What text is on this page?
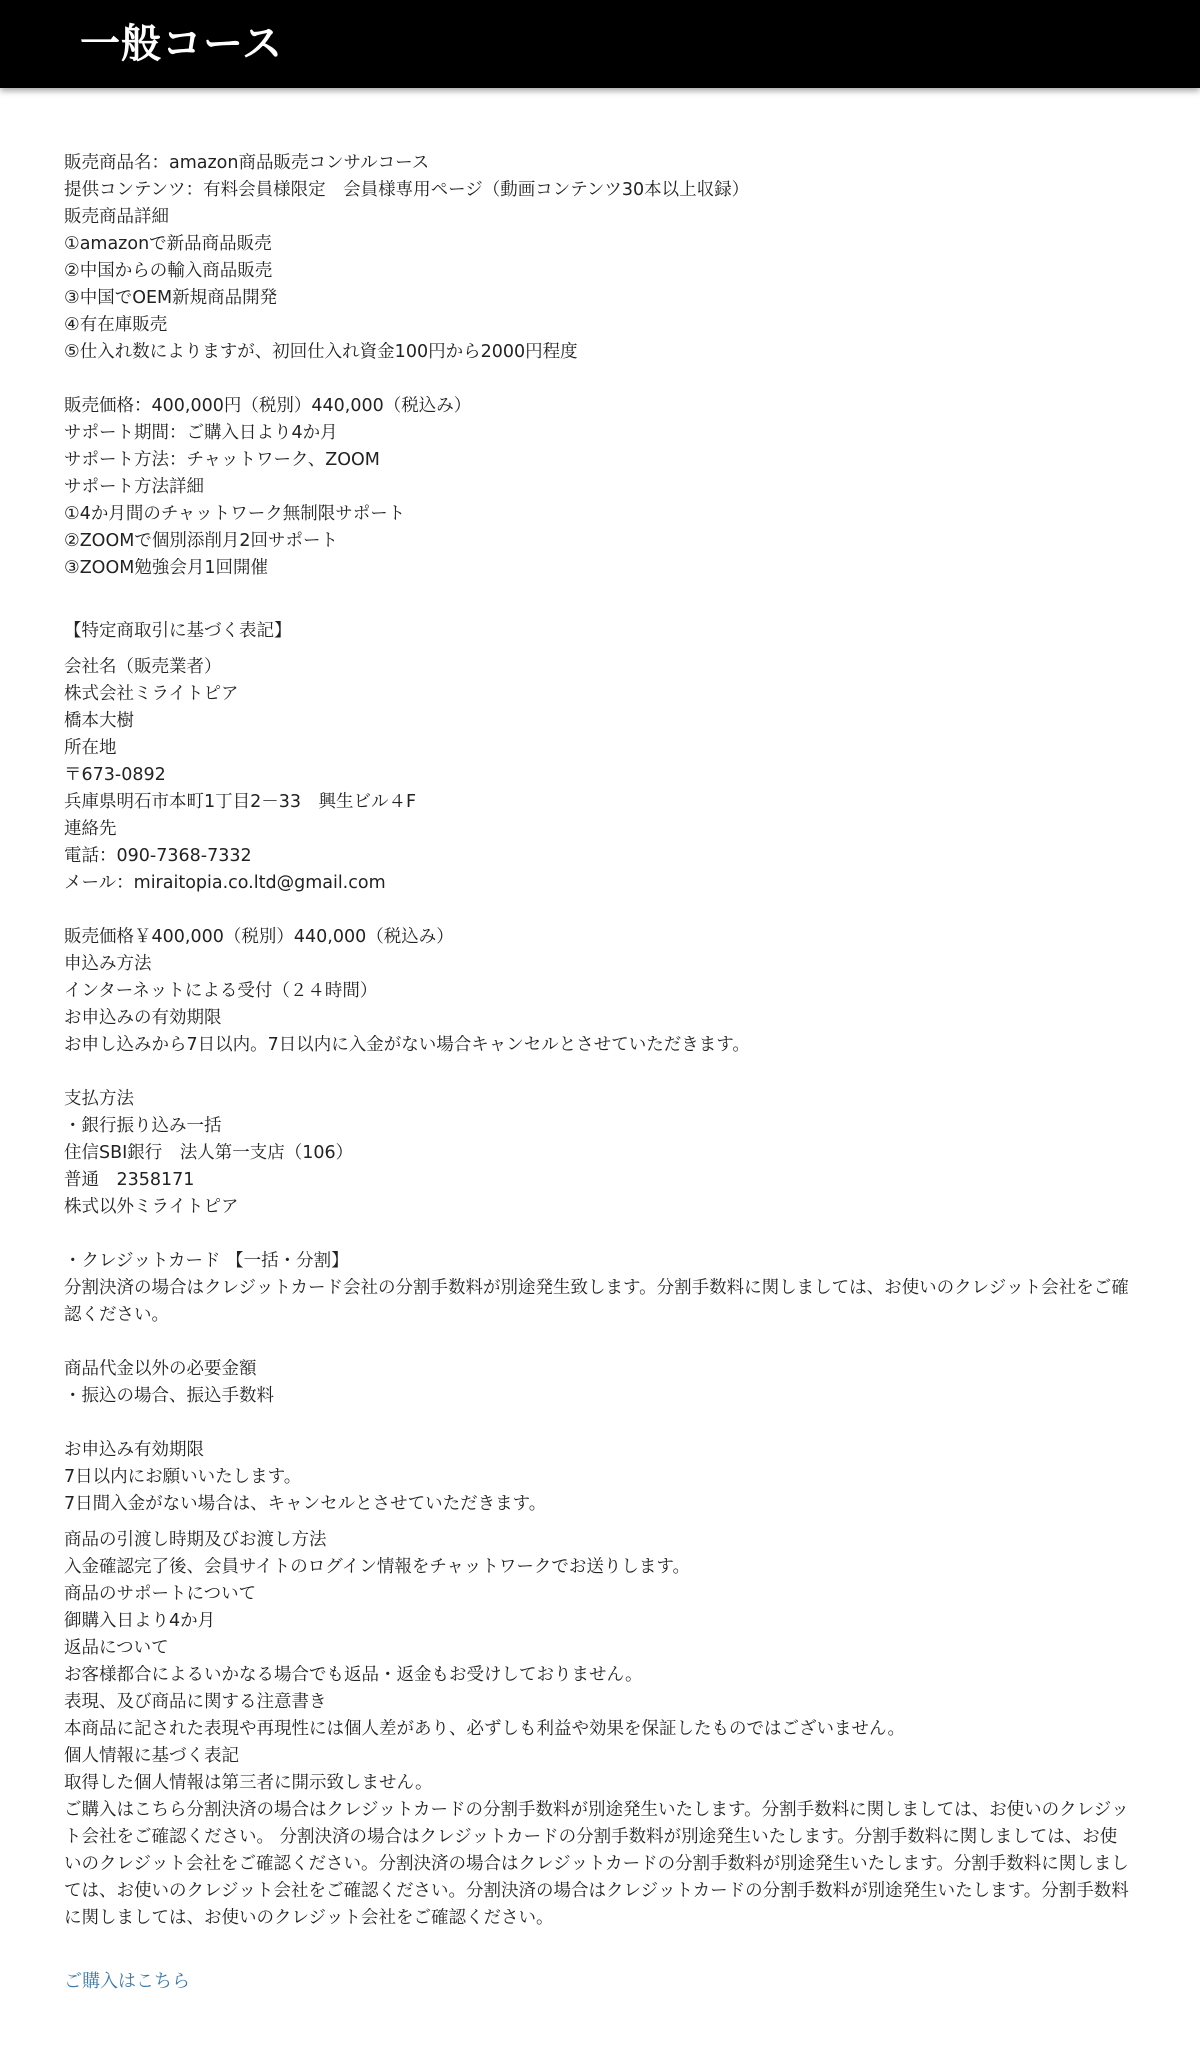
一般コース
販売商品名：amazon商品販売コンサルコース
提供コンテンツ：有料会員様限定　会員様専用ページ（動画コンテンツ30本以上収録）
販売商品詳細
①amazonで新品商品販売
②中国からの輸入商品販売
③中国でOEM新規商品開発
④有在庫販売
⑤仕入れ数によりますが、初回仕入れ資金100円から2000円程度
販売価格：400,000円（税別）440,000（税込み）
サポート期間：ご購入日より4か月
サポート方法：チャットワーク、ZOOM
サポート方法詳細
①4か月間のチャットワーク無制限サポート
②ZOOMで個別添削月2回サポート
③ZOOM勉強会月1回開催
【特定商取引に基づく表記】
会社名（販売業者）
株式会社ミライトピア
橋本大樹
所在地
〒673-0892
兵庫県明石市本町1丁目2－33　興生ビル４F
連絡先
電話：090-7368-7332
メール：miraitopia.co.ltd@gmail.com
販売価格￥400,000（税別）440,000（税込み）
申込み方法
インターネットによる受付（２４時間）
お申込みの有効期限
お申し込みから7日以内。7日以内に入金がない場合キャンセルとさせていただきます。
支払方法
・銀行振り込み一括
住信SBI銀行　法人第一支店（106）
普通　2358171
株式以外ミライトピア
・クレジットカード 【一括・分割】
分割決済の場合はクレジットカード会社の分割手数料が別途発生致します。分割手数料に関しましては、お使いのクレジット会社をご確認ください。
商品代金以外の必要金額
・振込の場合、振込手数料
お申込み有効期限
7日以内にお願いいたします。
7日間入金がない場合は、キャンセルとさせていただきます。
商品の引渡し時期及びお渡し方法
入金確認完了後、会員サイトのログイン情報をチャットワークでお送りします。
商品のサポートについて
御購入日より4か月
返品について
お客様都合によるいかなる場合でも返品・返金もお受けしておりません。
表現、及び商品に関する注意書き
本商品に記された表現や再現性には個人差があり、必ずしも利益や効果を保証したものではございません。
個人情報に基づく表記
取得した個人情報は第三者に開示致しません。
ご購入はこちら分割決済の場合はクレジットカードの分割手数料が別途発生いたします。分割手数料に関しましては、お使いのクレジット会社をご確認ください。 分割決済の場合はクレジットカードの分割手数料が別途発生いたします。分割手数料に関しましては、お使いのクレジット会社をご確認ください。分割決済の場合はクレジットカードの分割手数料が別途発生いたします。分割手数料に関しましては、お使いのクレジット会社をご確認ください。分割決済の場合はクレジットカードの分割手数料が別途発生いたします。分割手数料に関しましては、お使いのクレジット会社をご確認ください。
ご購入はこちら
